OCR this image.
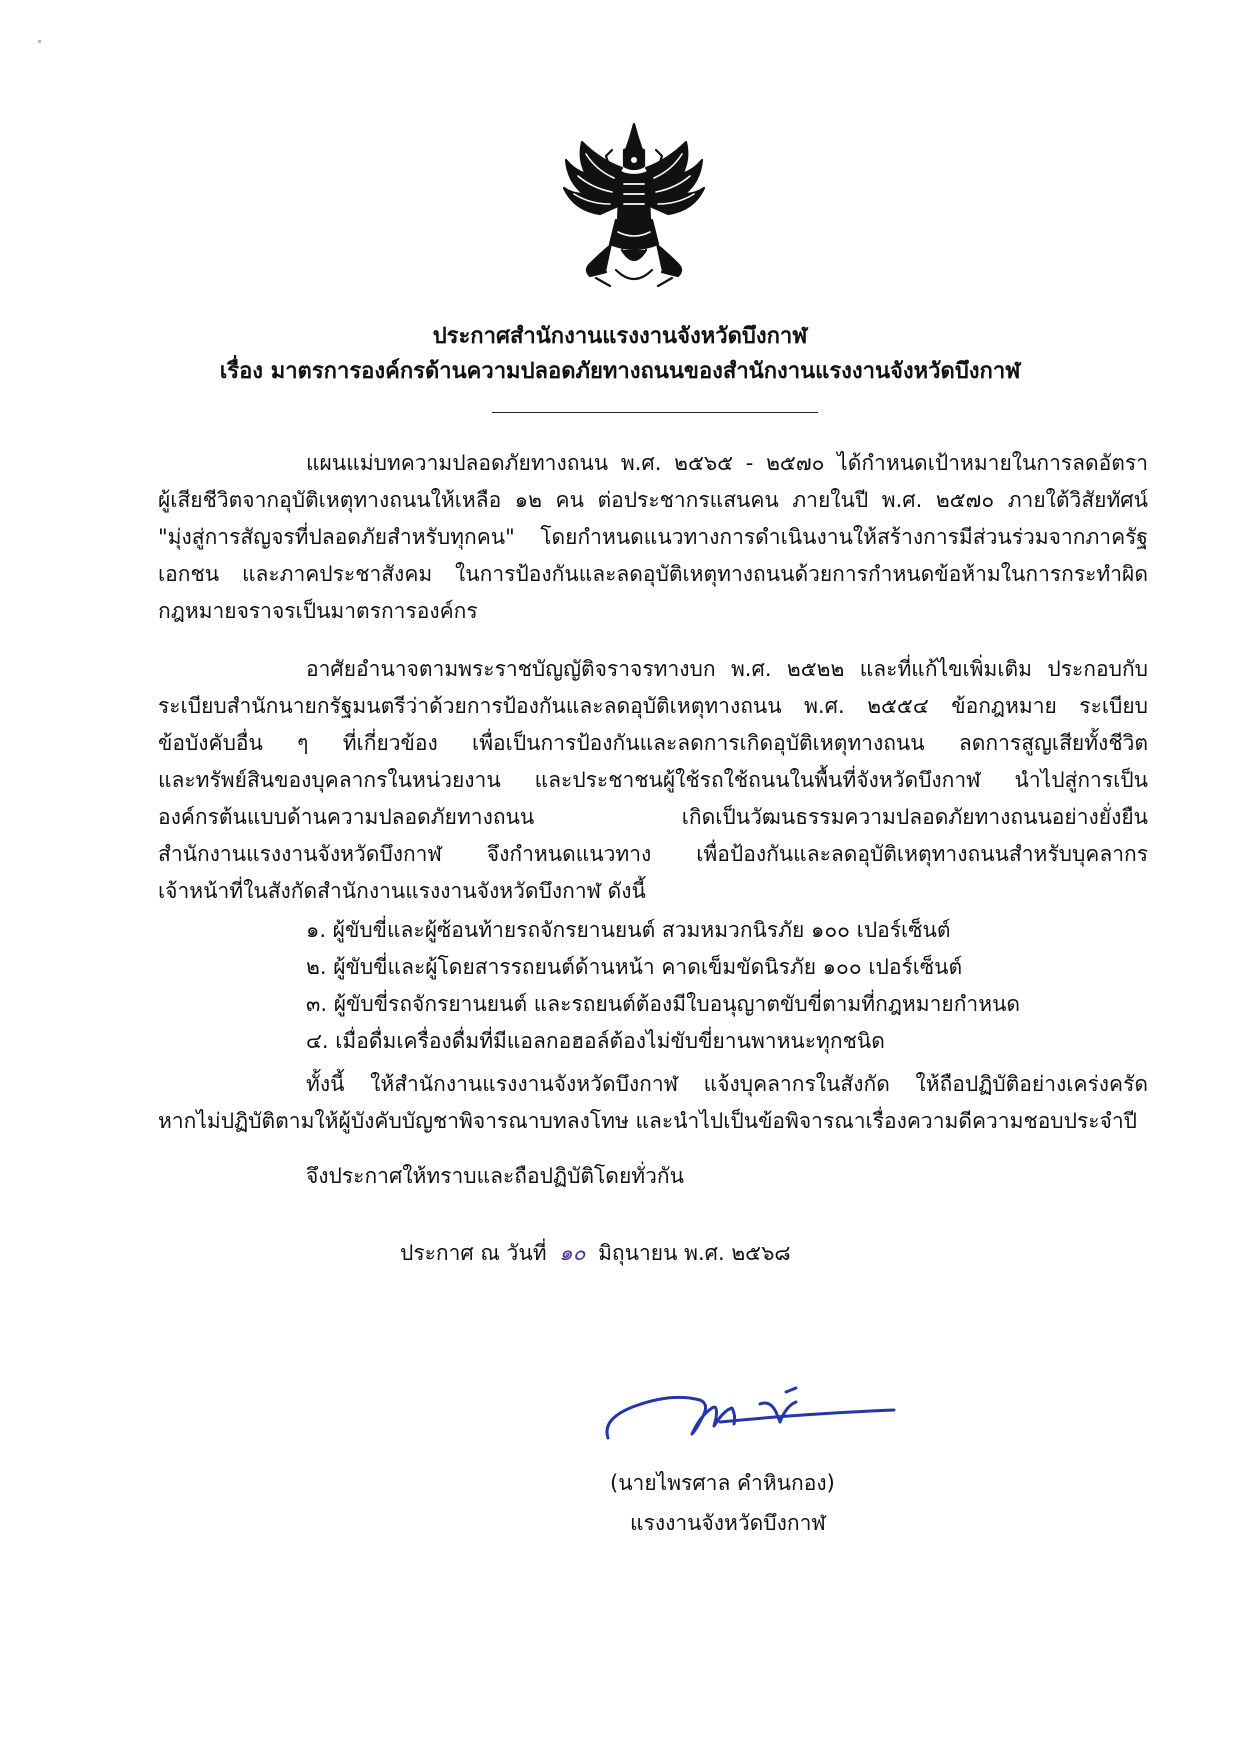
ประกาศสำนักงานแรงงานจังหวัดบึงกาฬ
เรื่อง มาตรการองค์กรด้านความปลอดภัยทางถนนของสำนักงานแรงงานจังหวัดบึงกาฬ
แผนแม่บทความปลอดภัยทางถนน พ.ศ. ๒๕๖๕ - ๒๕๗๐ ได้กำหนดเป้าหมายในการลดอัตรา
ผู้เสียชีวิตจากอุบัติเหตุทางถนนให้เหลือ ๑๒ คน ต่อประชากรแสนคน ภายในปี พ.ศ. ๒๕๗๐ ภายใต้วิสัยทัศน์
"มุ่งสู่การสัญจรที่ปลอดภัยสำหรับทุกคน" โดยกำหนดแนวทางการดำเนินงานให้สร้างการมีส่วนร่วมจากภาครัฐ
เอกชน และภาคประชาสังคม ในการป้องกันและลดอุบัติเหตุทางถนนด้วยการกำหนดข้อห้ามในการกระทำผิด
กฎหมายจราจรเป็นมาตรการองค์กร
อาศัยอำนาจตามพระราชบัญญัติจราจรทางบก พ.ศ. ๒๕๒๒ และที่แก้ไขเพิ่มเติม ประกอบกับ
ระเบียบสำนักนายกรัฐมนตรีว่าด้วยการป้องกันและลดอุบัติเหตุทางถนน พ.ศ. ๒๕๕๔ ข้อกฎหมาย ระเบียบ
ข้อบังคับอื่น ๆ ที่เกี่ยวข้อง เพื่อเป็นการป้องกันและลดการเกิดอุบัติเหตุทางถนน ลดการสูญเสียทั้งชีวิต
และทรัพย์สินของบุคลากรในหน่วยงาน และประชาชนผู้ใช้รถใช้ถนนในพื้นที่จังหวัดบึงกาฬ นำไปสู่การเป็น
องค์กรต้นแบบด้านความปลอดภัยทางถนน เกิดเป็นวัฒนธรรมความปลอดภัยทางถนนอย่างยั่งยืน
สำนักงานแรงงานจังหวัดบึงกาฬ จึงกำหนดแนวทาง เพื่อป้องกันและลดอุบัติเหตุทางถนนสำหรับบุคลากร
เจ้าหน้าที่ในสังกัดสำนักงานแรงงานจังหวัดบึงกาฬ ดังนี้
๑. ผู้ขับขี่และผู้ซ้อนท้ายรถจักรยานยนต์ สวมหมวกนิรภัย ๑๐๐ เปอร์เซ็นต์
๒. ผู้ขับขี่และผู้โดยสารรถยนต์ด้านหน้า คาดเข็มขัดนิรภัย ๑๐๐ เปอร์เซ็นต์
๓. ผู้ขับขี่รถจักรยานยนต์ และรถยนต์ต้องมีใบอนุญาตขับขี่ตามที่กฎหมายกำหนด
๔. เมื่อดื่มเครื่องดื่มที่มีแอลกอฮอล์ต้องไม่ขับขี่ยานพาหนะทุกชนิด
ทั้งนี้ ให้สำนักงานแรงงานจังหวัดบึงกาฬ แจ้งบุคลากรในสังกัด ให้ถือปฏิบัติอย่างเคร่งครัด
หากไม่ปฏิบัติตามให้ผู้บังคับบัญชาพิจารณาบทลงโทษ และนำไปเป็นข้อพิจารณาเรื่องความดีความชอบประจำปี
จึงประกาศให้ทราบและถือปฏิบัติโดยทั่วกัน
ประกาศ ณ วันที่ ๑๐ มิถุนายน พ.ศ. ๒๕๖๘
(นายไพรศาล คำหินกอง)
แรงงานจังหวัดบึงกาฬ
